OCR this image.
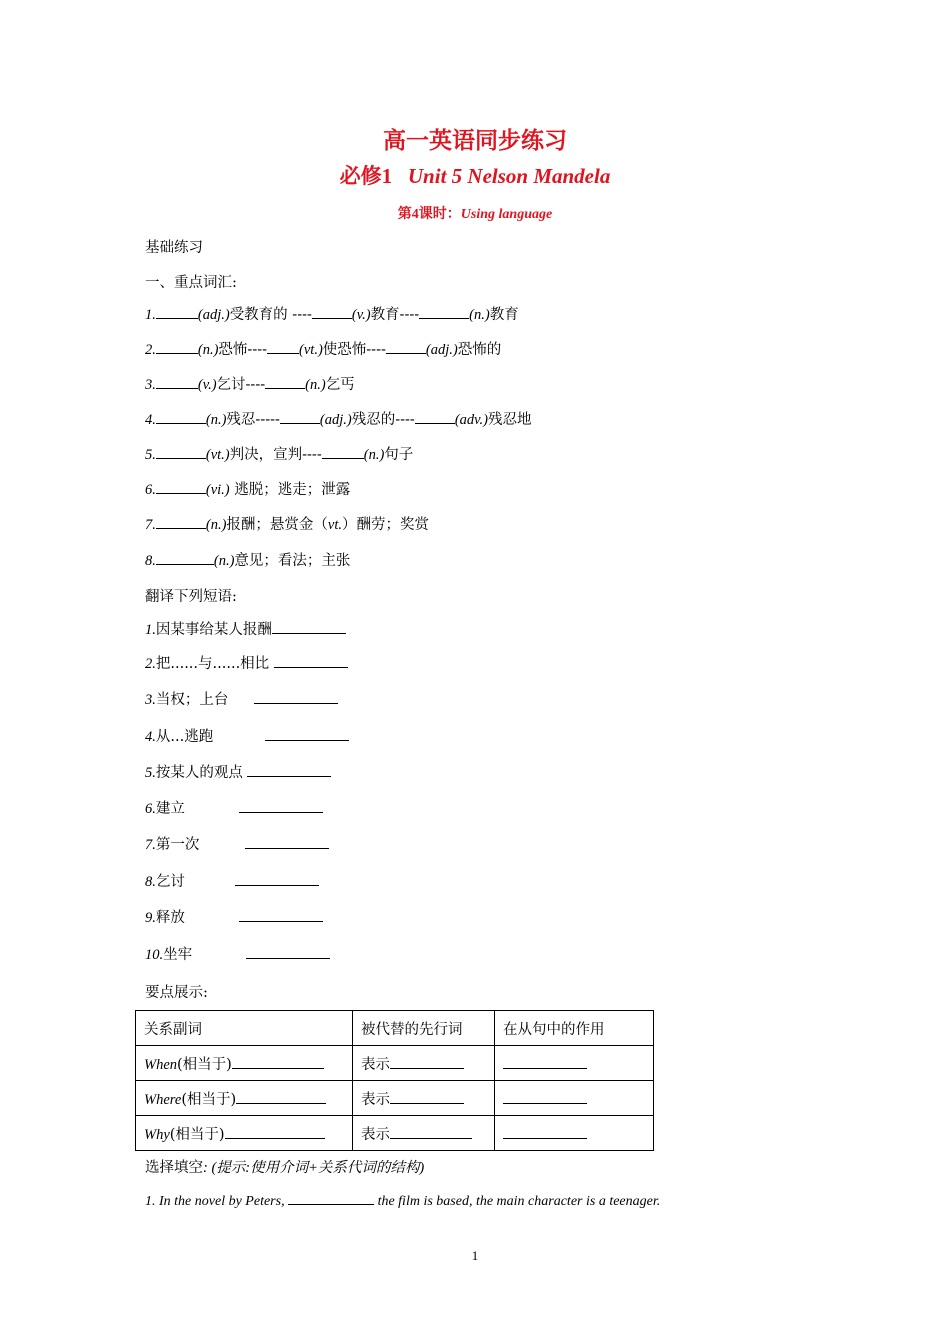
高一英语同步练习
必修1 Unit 5 Nelson Mandela
第4课时：Using language
基础练习
一、重点词汇:
1.	(adj.)受教育的 ----	(v.)教育----	(n.)教育
2.	(n.)恐怖---- (vt.)使恐怖----	(adj.)恐怖的
3.	(v.)乞讨----	(n.)乞丐
4.	(n.)残忍-----	(adj.)残忍的----	(adv.)残忍地
5.	(vt.)判决，宣判----	(n.)句子
6.	(vi.) 逃脱；逃走；泄露
7.	(n.)报酬；悬赏金（vt.）酬劳；奖赏
8.	(n.)意见；看法；主张
翻译下列短语:
1.因某事给某人报酬
2.把......与......相比
3.当权；上台
4.从...逃跑
5.按某人的观点
6.建立
7.第一次
8.乞讨
9.释放
10.坐牢
要点展示:
关系副词	被代替的先行词	在从句中的作用
When(相当于)	表示	
Where(相当于)	表示	
Why(相当于)	表示	
选择填空: (提示:使用介词+关系代词的结构)
1. In the novel by Peters,	the film is based, the main character is a teenager.
1
